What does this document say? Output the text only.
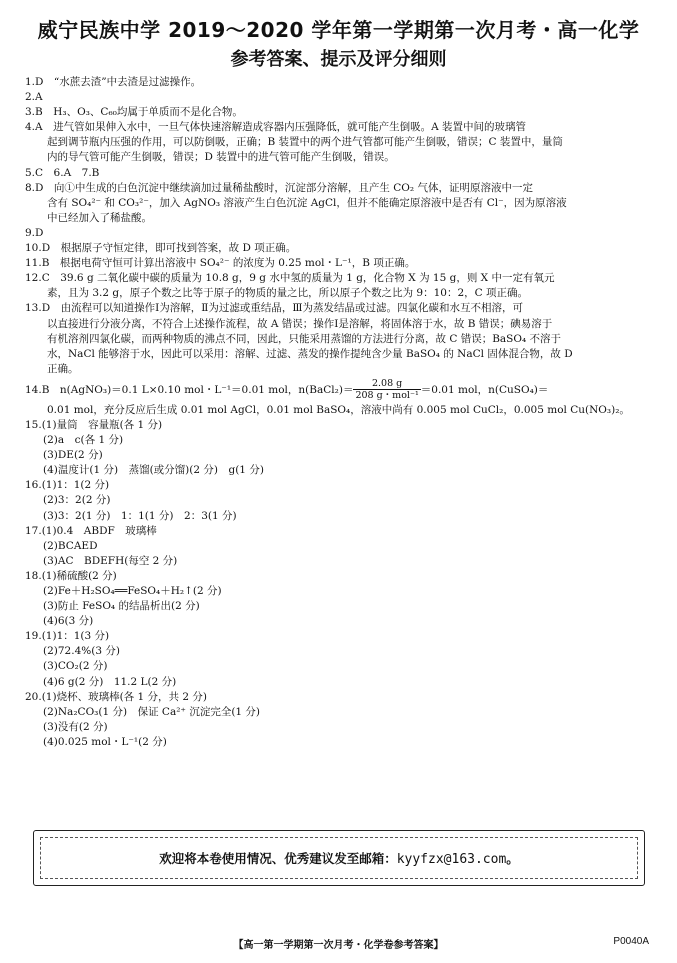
威宁民族中学 2019～2020 学年第一学期第一次月考・高一化学
参考答案、提示及评分细则
1.D　“水蔗去渣”中去渣是过滤操作。
2.A
3.B　H₃、O₃、C₆₀均属于单质而不是化合物。
4.A　进气管如果伸入水中，一旦气体快速溶解造成容器内压强降低，就可能产生倒吸。A 装置中间的玻璃管
起到调节瓶内压强的作用，可以防倒吸，正确；B 装置中的两个进气管都可能产生倒吸，错误；C 装置中，量筒
内的导气管可能产生倒吸，错误；D 装置中的进气管可能产生倒吸，错误。
5.C　6.A　7.B
8.D　向①中生成的白色沉淀中继续滴加过量稀盐酸时，沉淀部分溶解，且产生 CO₂ 气体，证明原溶液中一定
含有 SO₄²⁻ 和 CO₃²⁻，加入 AgNO₃ 溶液产生白色沉淀 AgCl，但并不能确定原溶液中是否有 Cl⁻，因为原溶液
中已经加入了稀盐酸。
9.D
10.D　根据原子守恒定律，即可找到答案，故 D 项正确。
11.B　根据电荷守恒可计算出溶液中 SO₄²⁻ 的浓度为 0.25 mol・L⁻¹，B 项正确。
12.C　39.6 g 二氧化碳中碳的质量为 10.8 g，9 g 水中氢的质量为 1 g，化合物 X 为 15 g，则 X 中一定有氧元
素，且为 3.2 g，原子个数之比等于原子的物质的量之比，所以原子个数之比为 9：10：2，C 项正确。
13.D　由流程可以知道操作Ⅰ为溶解，Ⅱ为过滤或重结晶，Ⅲ为蒸发结晶或过滤。四氯化碳和水互不相溶，可
以直接进行分液分离，不符合上述操作流程，故 A 错误；操作Ⅰ是溶解，将固体溶于水，故 B 错误；碘易溶于
有机溶剂四氯化碳，而两种物质的沸点不同，因此，只能采用蒸馏的方法进行分离，故 C 错误；BaSO₄ 不溶于
水，NaCl 能够溶于水，因此可以采用：溶解、过滤、蒸发的操作提纯含少量 BaSO₄ 的 NaCl 固体混合物，故 D
正确。
14.B　n(AgNO₃)＝0.1 L×0.10 mol・L⁻¹＝0.01 mol，n(BaCl₂)＝ $\frac{2.08 g}{\text{208 g・mol⁻¹}} =0.01$ mol，n(CuSO₄)＝
0.01 mol，充分反应后生成 0.01 mol AgCl，0.01 mol BaSO₄，溶液中尚有 0.005 mol CuCl₂，0.005 mol Cu(NO₃)₂。
15.(1)量筒　容量瓶(各 1 分)
(2)a　c(各 1 分)
(3)DE(2 分)
(4)温度计(1 分)　蒸馏(或分馏)(2 分)　g(1 分)
16.(1)1：1(2 分)
(2)3：2(2 分)
(3)3：2(1 分)　1：1(1 分)　2：3(1 分)
17.(1)0.4　ABDF　玻璃棒
(2)BCAED
(3)AC　BDEFH(每空 2 分)
18.(1)稀硫酸(2 分)
(2)Fe＋H₂SO₄══FeSO₄＋H₂↑(2 分)
(3)防止 FeSO₄ 的结晶析出(2 分)
(4)6(3 分)
19.(1)1：1(3 分)
(2)72.4%(3 分)
(3)CO₂(2 分)
(4)6 g(2 分)　11.2 L(2 分)
20.(1)烧杯、玻璃棒(各 1 分，共 2 分)
(2)Na₂CO₃(1 分)　保证 Ca²⁺ 沉淀完全(1 分)
(3)没有(2 分)
(4)0.025 mol・L⁻¹(2 分)
欢迎将本卷使用情况、优秀建议发至邮箱：kyyfzx@163.com。
【高一第一学期第一次月考・化学卷参考答案】	P0040A
